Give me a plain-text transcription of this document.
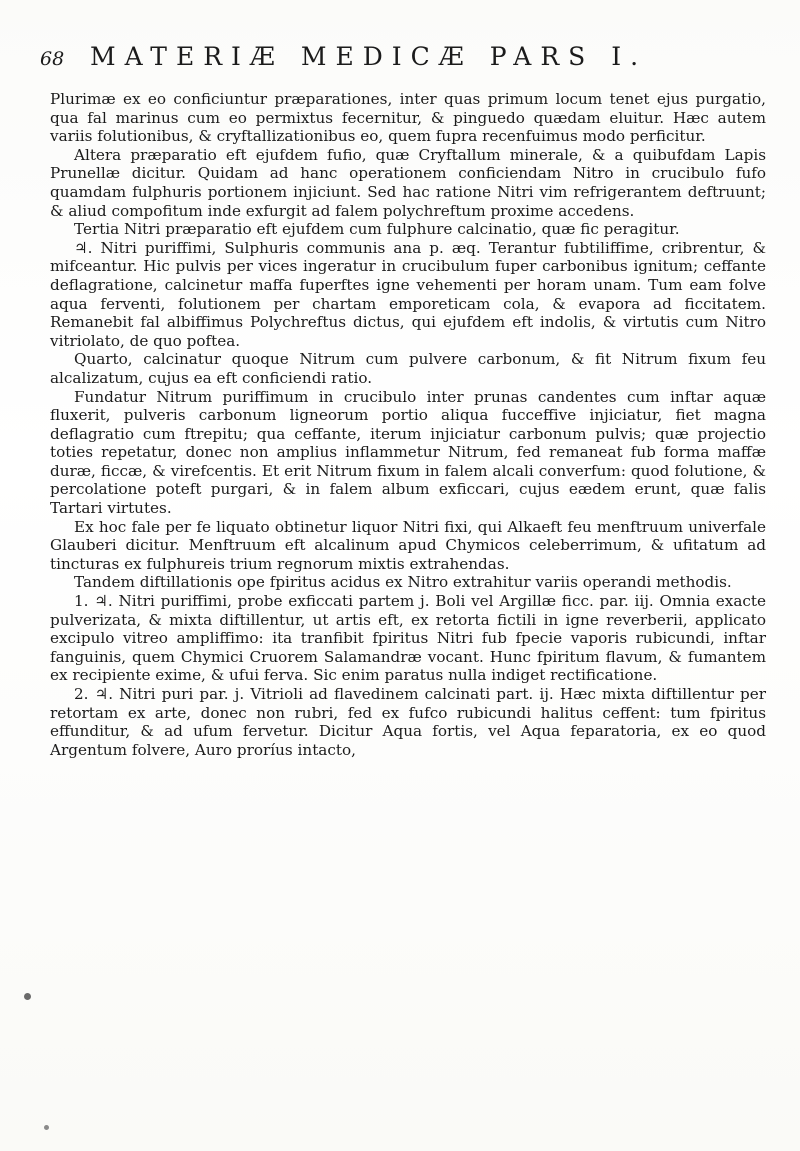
68 MATERIÆ MEDICÆ PARS I.

Plurimæ ex eo conficiuntur præparationes, inter quas primum locum tenet ejus purgatio, qua fal marinus cum eo permixtus fecernitur, & pinguedo quædam eluitur. Hæc autem variis folutionibus, & cryftallizationibus eo, quem fupra recenfuimus modo perficitur.

Altera præparatio eft ejufdem fufio, quæ Cryftallum minerale, & a quibufdam Lapis Prunellæ dicitur. Quidam ad hanc operationem conficiendam Nitro in crucibulo fufo quamdam fulphuris portionem injiciunt. Sed hac ratione Nitri vim refrigerantem deftruunt; & aliud compofitum inde exfurgit ad falem polychreftum proxime accedens.

Tertia Nitri præparatio eft ejufdem cum fulphure calcinatio, quæ fic peragitur.

♃. Nitri puriffimi, Sulphuris communis ana p. æq. Terantur fubtiliffime, cribrentur, & mifceantur. Hic pulvis per vices ingeratur in crucibulum fuper carbonibus ignitum; ceffante deflagratione, calcinetur maffa fuperftes igne vehementi per horam unam. Tum eam folve aqua ferventi, folutionem per chartam emporeticam cola, & evapora ad ficcitatem. Remanebit fal albiffimus Polychreftus dictus, qui ejufdem eft indolis, & virtutis cum Nitro vitriolato, de quo poftea.

Quarto, calcinatur quoque Nitrum cum pulvere carbonum, & fit Nitrum fixum feu alcalizatum, cujus ea eft conficiendi ratio.

Fundatur Nitrum puriffimum in crucibulo inter prunas candentes cum inftar aquæ fluxerit, pulveris carbonum ligneorum portio aliqua fucceffive injiciatur, fiet magna deflagratio cum ftrepitu; qua ceffante, iterum injiciatur carbonum pulvis; quæ projectio toties repetatur, donec non amplius inflammetur Nitrum, fed remaneat fub forma maffæ duræ, ficcæ, & virefcentis. Et erit Nitrum fixum in falem alcali converfum: quod folutione, & percolatione poteft purgari, & in falem album exficcari, cujus eædem erunt, quæ falis Tartari virtutes.

Ex hoc fale per fe liquato obtinetur liquor Nitri fixi, qui Alkaeft feu menftruum univerfale Glauberi dicitur. Menftruum eft alcalinum apud Chymicos celeberrimum, & ufitatum ad tincturas ex fulphureis trium regnorum mixtis extrahendas.

Tandem diftillationis ope fpiritus acidus ex Nitro extrahitur variis operandi methodis.

1. ♃. Nitri puriffimi, probe exficcati partem j. Boli vel Argillæ ficc. par. iij. Omnia exacte pulverizata, & mixta diftillentur, ut artis eft, ex retorta fictili in igne reverberii, applicato excipulo vitreo ampliffimo: ita tranfibit fpiritus Nitri fub fpecie vaporis rubicundi, inftar fanguinis, quem Chymici Cruorem Salamandræ vocant. Hunc fpiritum flavum, & fumantem ex recipiente exime, & ufui ferva. Sic enim paratus nulla indiget rectificatione.

2. ♃. Nitri puri par. j. Vitrioli ad flavedinem calcinati part. ij. Hæc mixta diftillentur per retortam ex arte, donec non rubri, fed ex fufco rubicundi halitus ceffent: tum fpiritus effunditur, & ad ufum fervetur. Dicitur Aqua fortis, vel Aqua feparatoria, ex eo quod Argentum folvere, Auro proríus intacto,
